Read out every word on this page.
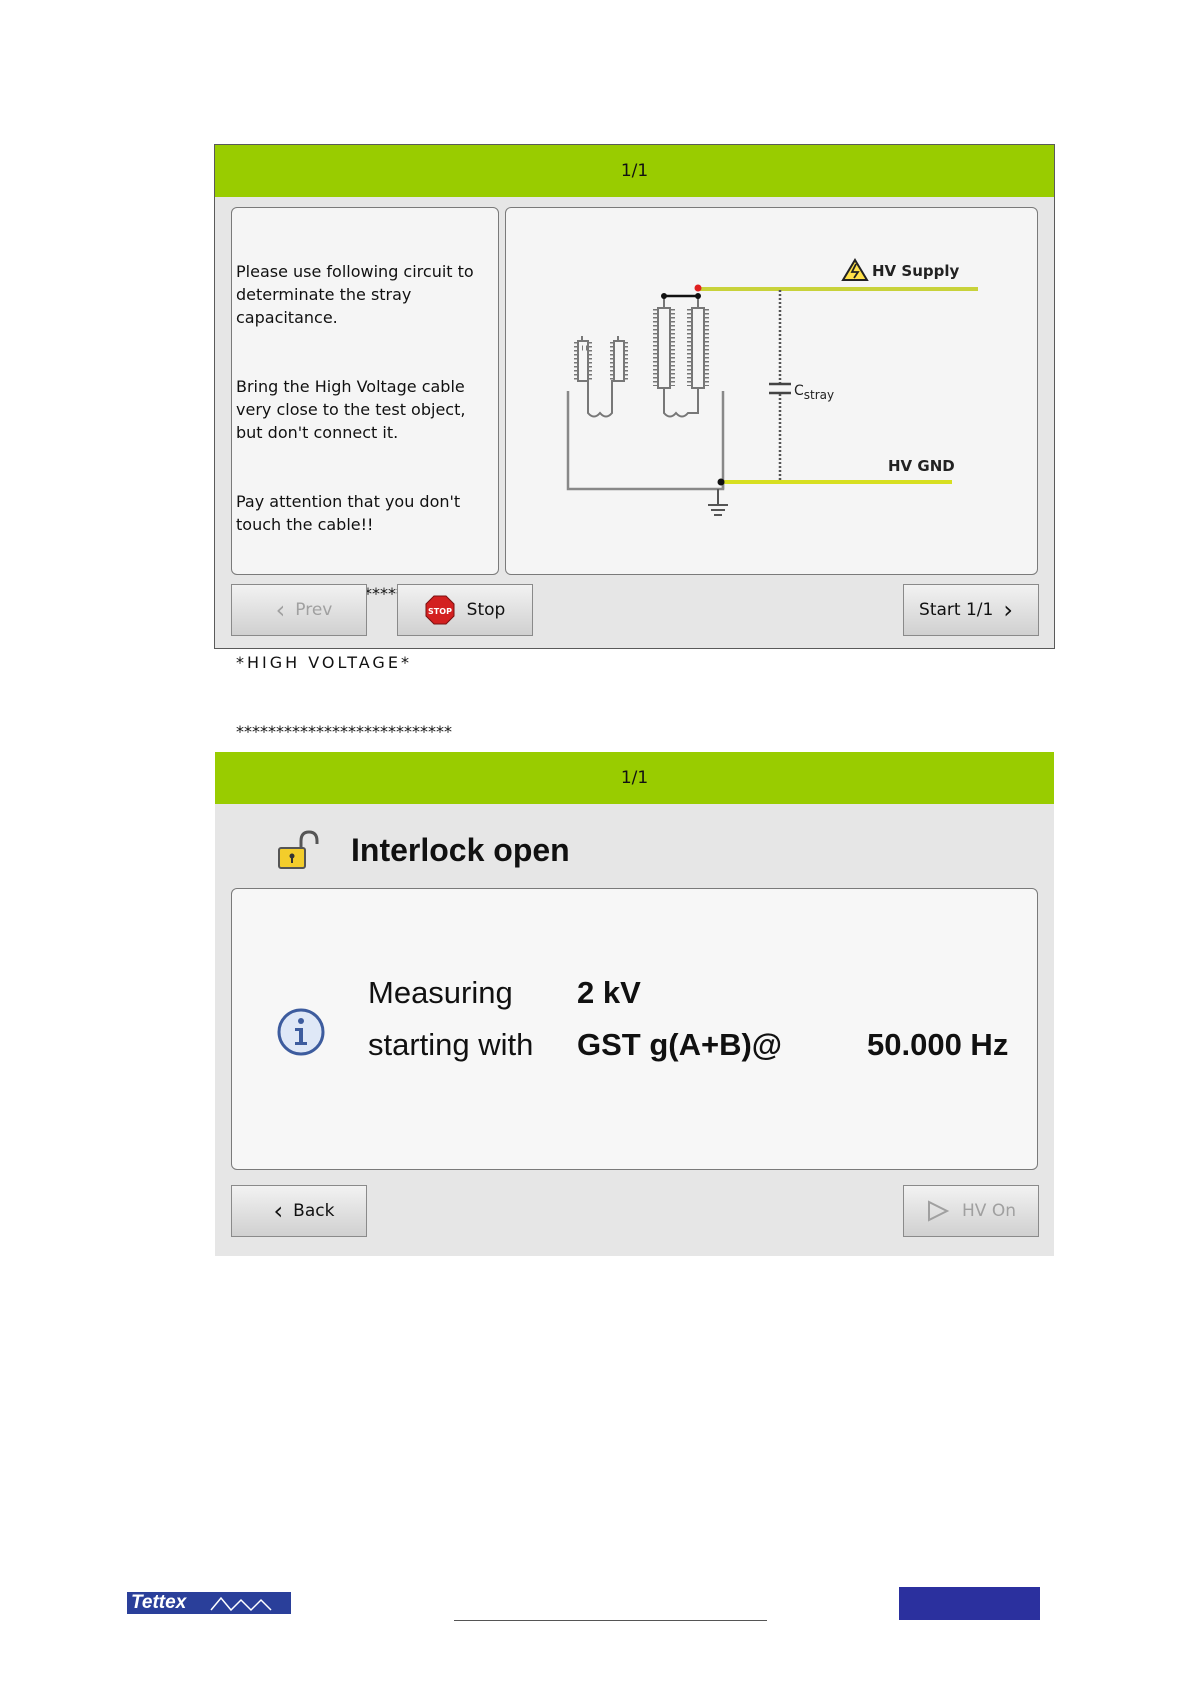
1/1

Please use following circuit to determinate the stray capacitance.

Bring the High Voltage cable very close to the test object,  but don't connect it.

Pay attention that you don't touch the cable!!

*HIGH VOLTAGE*

***************************

HV Supply
HV GND
Cstray
‹ Prev	STOP Stop	Start 1/1 ›
1/1
Interlock open
Measuring 2 kV
starting with GST g(A+B)@	50.000 Hz
‹ Back	HV On
Tettex
